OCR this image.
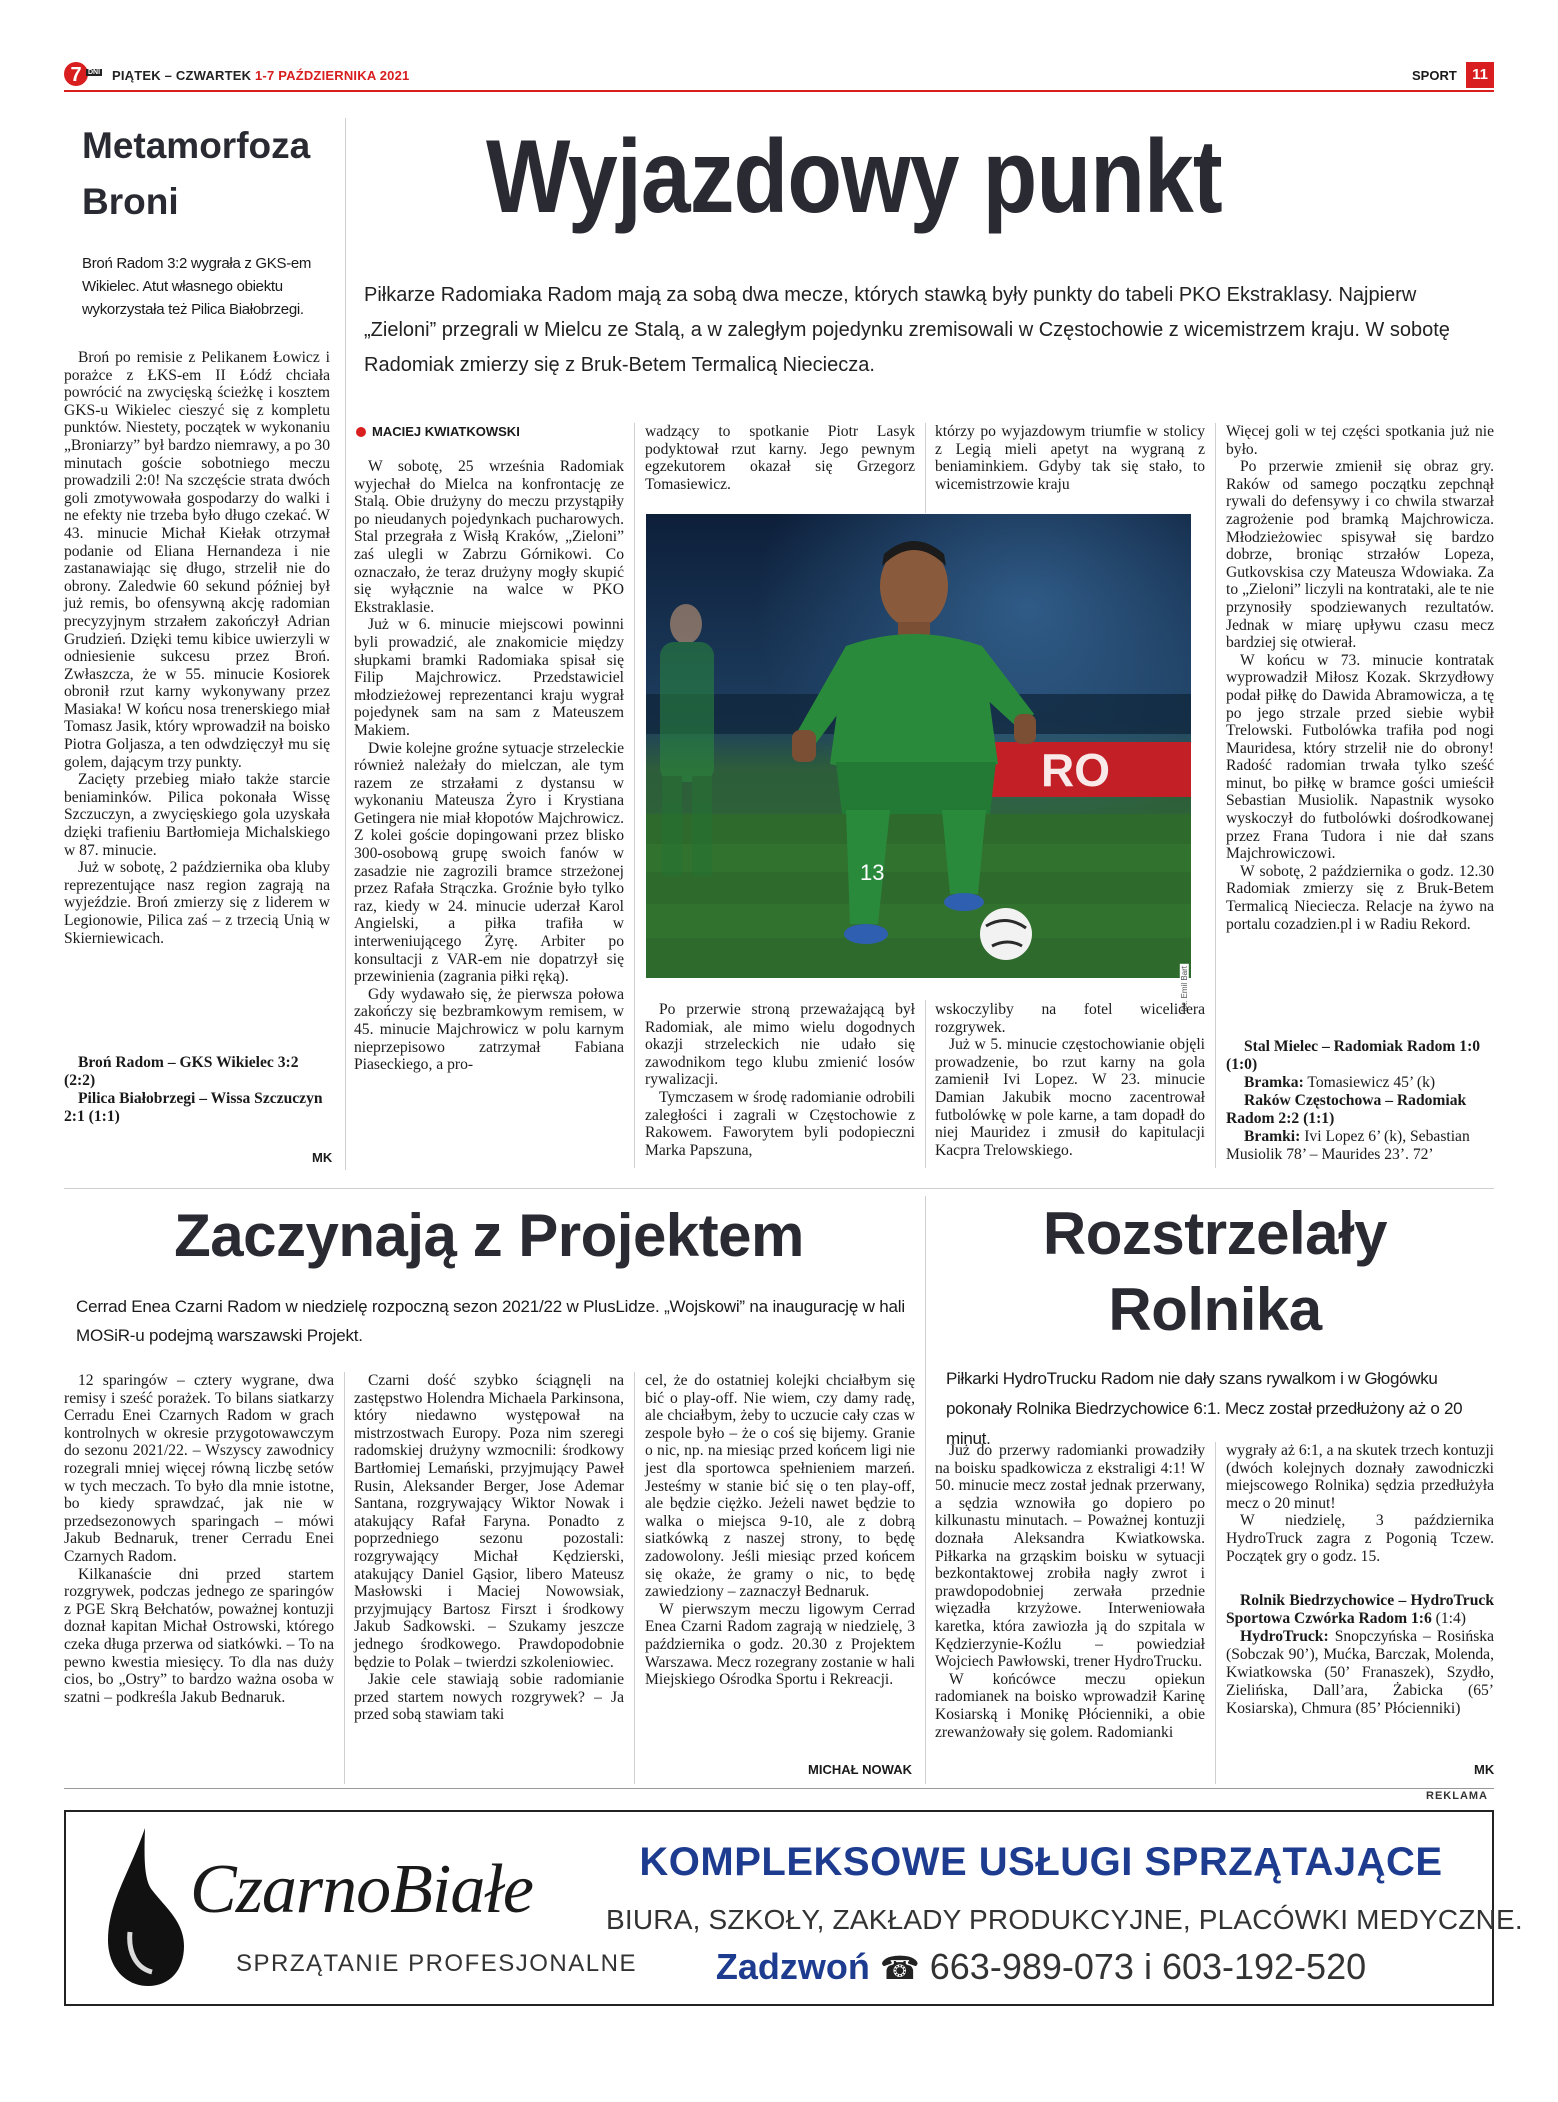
7 DNI PIĄTEK – CZWARTEK 1-7 PAŹDZIERNIKA 2021	SPORT	11
Metamorfoza
Broni
Broń Radom 3:2 wygrała z GKS-em Wikielec. Atut własnego obiektu wykorzystała też Pilica Białobrzegi.

Broń po remisie z Pelikanem Łowicz i porażce z ŁKS-em II Łódź chciała powrócić na zwycięską ścieżkę i kosztem GKS-u Wikielec cieszyć się z kompletu punktów. Niestety, początek w wykonaniu „Broniarzy” był bardzo niemrawy, a po 30 minutach goście sobotniego meczu prowadzili 2:0! Na szczęście strata dwóch goli zmotywowała gospodarzy do walki i ne efekty nie trzeba było długo czekać. W 43. minucie Michał Kiełak otrzymał podanie od Eliana Hernandeza i nie zastanawiając się długo, strzelił nie do obrony. Zaledwie 60 sekund później był już remis, bo ofensywną akcję radomian precyzyjnym strzałem zakończył Adrian Grudzień. Dzięki temu kibice uwierzyli w odniesienie sukcesu przez Broń. Zwłaszcza, że w 55. minucie Kosiorek obronił rzut karny wykonywany przez Masiaka! W końcu nosa trenerskiego miał Tomasz Jasik, który wprowadził na boisko Piotra Goljasza, a ten odwdzięczył mu się golem, dającym trzy punkty.

Zacięty przebieg miało także starcie beniaminków. Pilica pokonała Wissę Szczuczyn, a zwycięskiego gola uzyskała dzięki trafieniu Bartłomieja Michalskiego w 87. minucie.

Już w sobotę, 2 października oba kluby reprezentujące nasz region zagrają na wyjeździe. Broń zmierzy się z liderem w Legionowie, Pilica zaś – z trzecią Unią w Skierniewicach.

Broń Radom – GKS Wikielec 3:2 (2:2)
Pilica Białobrzegi – Wissa Szczuczyn 2:1 (1:1)
MK
Wyjazdowy punkt
Piłkarze Radomiaka Radom mają za sobą dwa mecze, których stawką były punkty do tabeli PKO Ekstraklasy. Najpierw „Zieloni” przegrali w Mielcu ze Stalą, a w zaległym pojedynku zremisowali w Częstochowie z wicemistrzem kraju. W sobotę Radomiak zmierzy się z Bruk-Betem Termalicą Nieciecza.
MACIEJ KWIATKOWSKI

W sobotę, 25 września Radomiak wyjechał do Mielca na konfrontację ze Stalą. Obie drużyny do meczu przystąpiły po nieudanych pojedynkach pucharowych. Stal przegrała z Wisłą Kraków, „Zieloni” zaś ulegli w Zabrzu Górnikowi. Co oznaczało, że teraz drużyny mogły skupić się wyłącznie na walce w PKO Ekstraklasie.

Już w 6. minucie miejscowi powinni byli prowadzić, ale znakomicie między słupkami bramki Radomiaka spisał się Filip Majchrowicz. Przedstawiciel młodzieżowej reprezentanci kraju wygrał pojedynek sam na sam z Mateuszem Makiem.

Dwie kolejne groźne sytuacje strzeleckie również należały do mielczan, ale tym razem ze strzałami z dystansu w wykonaniu Mateusza Żyro i Krystiana Getingera nie miał kłopotów Majchrowicz. Z kolei goście dopingowani przez blisko 300-osobową grupę swoich fanów w zasadzie nie zagrozili bramce strzeżonej przez Rafała Strączka. Groźnie było tylko raz, kiedy w 24. minucie uderzał Karol Angielski, a piłka trafiła w interweniującego Żyrę. Arbiter po konsultacji z VAR-em nie dopatrzył się przewinienia (zagrania piłki ręką).

Gdy wydawało się, że pierwsza połowa zakończy się bezbramkowym remisem, w 45. minucie Majchrowicz w polu karnym nieprzepisowo zatrzymał Fabiana Piaseckiego, a pro-

wadzący to spotkanie Piotr Lasyk podyktował rzut karny. Jego pewnym egzekutorem okazał się Grzegorz Tomasiewicz.

którzy po wyjazdowym triumfie w stolicy z Legią mieli apetyt na wygraną z beniaminkiem. Gdyby tak się stało, to wicemistrzowie kraju

RO
13
fot. Emil Bart

Po przerwie stroną przeważającą był Radomiak, ale mimo wielu dogodnych okazji strzeleckich nie udało się zawodnikom tego klubu zmienić losów rywalizacji.

Tymczasem w środę radomianie odrobili zaległości i zagrali w Częstochowie z Rakowem. Faworytem byli podopieczni Marka Papszuna,

wskoczyliby na fotel wicelidera rozgrywek.

Już w 5. minucie częstochowianie objęli prowadzenie, bo rzut karny na gola zamienił Ivi Lopez. W 23. minucie Damian Jakubik mocno zacentrował futbolówkę w pole karne, a tam dopadł do niej Mauridez i zmusił do kapitulacji Kacpra Trelowskiego.

Więcej goli w tej części spotkania już nie było.

Po przerwie zmienił się obraz gry. Raków od samego początku zepchnął rywali do defensywy i co chwila stwarzał zagrożenie pod bramką Majchrowicza. Młodzieżowiec spisywał się bardzo dobrze, broniąc strzałów Lopeza, Gutkovskisa czy Mateusza Wdowiaka. Za to „Zieloni” liczyli na kontrataki, ale te nie przynosiły spodziewanych rezultatów. Jednak w miarę upływu czasu mecz bardziej się otwierał.

W końcu w 73. minucie kontratak wyprowadził Miłosz Kozak. Skrzydłowy podał piłkę do Dawida Abramowicza, a tę po jego strzale przed siebie wybił Trelowski. Futbolówka trafiła pod nogi Mauridesa, który strzelił nie do obrony! Radość radomian trwała tylko sześć minut, bo piłkę w bramce gości umieścił Sebastian Musiolik. Napastnik wysoko wyskoczył do futbolówki dośrodkowanej przez Frana Tudora i nie dał szans Majchrowiczowi.

W sobotę, 2 października o godz. 12.30 Radomiak zmierzy się z Bruk-Betem Termalicą Nieciecza. Relacje na żywo na portalu cozadzien.pl i w Radiu Rekord.

Stal Mielec – Radomiak Radom 1:0 (1:0)
Bramka: Tomasiewicz 45’ (k)
Raków Częstochowa – Radomiak Radom 2:2 (1:1)
Bramki: Ivi Lopez 6’ (k), Sebastian Musiolik 78’ – Maurides 23’. 72’
Zaczynają z Projektem
Cerrad Enea Czarni Radom w niedzielę rozpoczną sezon 2021/22 w PlusLidze. „Wojskowi” na inaugurację w hali MOSiR-u podejmą warszawski Projekt.

12 sparingów – cztery wygrane, dwa remisy i sześć porażek. To bilans siatkarzy Cerradu Enei Czarnych Radom w grach kontrolnych w okresie przygotowawczym do sezonu 2021/22. – Wszyscy zawodnicy rozegrali mniej więcej równą liczbę setów w tych meczach. To było dla mnie istotne, bo kiedy sprawdzać, jak nie w przedsezonowych sparingach – mówi Jakub Bednaruk, trener Cerradu Enei Czarnych Radom.

Kilkanaście dni przed startem rozgrywek, podczas jednego ze sparingów z PGE Skrą Bełchatów, poważnej kontuzji doznał kapitan Michał Ostrowski, którego czeka długa przerwa od siatkówki. – To na pewno kwestia miesięcy. To dla nas duży cios, bo „Ostry” to bardzo ważna osoba w szatni – podkreśla Jakub Bednaruk.

Czarni dość szybko ściągnęli na zastępstwo Holendra Michaela Parkinsona, który niedawno występował na mistrzostwach Europy. Poza nim szeregi radomskiej drużyny wzmocnili: środkowy Bartłomiej Lemański, przyjmujący Paweł Rusin, Aleksander Berger, Jose Ademar Santana, rozgrywający Wiktor Nowak i atakujący Rafał Faryna. Ponadto z poprzedniego sezonu pozostali: rozgrywający Michał Kędzierski, atakujący Daniel Gąsior, libero Mateusz Masłowski i Maciej Nowowsiak, przyjmujący Bartosz Firszt i środkowy Jakub Sadkowski. – Szukamy jeszcze jednego środkowego. Prawdopodobnie będzie to Polak – twierdzi szkoleniowiec.

Jakie cele stawiają sobie radomianie przed startem nowych rozgrywek? – Ja przed sobą stawiam taki

cel, że do ostatniej kolejki chciałbym się bić o play-off. Nie wiem, czy damy radę, ale chciałbym, żeby to uczucie cały czas w zespole było – że o coś się bijemy. Granie o nic, np. na miesiąc przed końcem ligi nie jest dla sportowca spełnieniem marzeń. Jesteśmy w stanie bić się o ten play-off, ale będzie ciężko. Jeżeli nawet będzie to walka o miejsca 9-10, ale z dobrą siatkówką z naszej strony, to będę zadowolony. Jeśli miesiąc przed końcem się okaże, że gramy o nic, to będę zawiedziony – zaznaczył Bednaruk.

W pierwszym meczu ligowym Cerrad Enea Czarni Radom zagrają w niedzielę, 3 października o godz. 20.30 z Projektem Warszawa. Mecz rozegrany zostanie w hali Miejskiego Ośrodka Sportu i Rekreacji.

MICHAŁ NOWAK
Rozstrzelały
Rolnika
Piłkarki HydroTrucku Radom nie dały szans rywalkom i w Głogówku pokonały Rolnika Biedrzychowice 6:1. Mecz został przedłużony aż o 20 minut.

Już do przerwy radomianki prowadziły na boisku spadkowicza z ekstraligi 4:1! W 50. minucie mecz został jednak przerwany, a sędzia wznowiła go dopiero po kilkunastu minutach. – Poważnej kontuzji doznała Aleksandra Kwiatkowska. Piłkarka na grząskim boisku w sytuacji bezkontaktowej zrobiła nagły zwrot i prawdopodobniej zerwała przednie więzadła krzyżowe. Interweniowała karetka, która zawiozła ją do szpitala w Kędzierzynie-Koźlu – powiedział Wojciech Pawłowski, trener HydroTrucku.

W końcówce meczu opiekun radomianek na boisko wprowadził Karinę Kosiarską i Monikę Płócienniki, a obie zrewanżowały się golem. Radomianki

wygrały aż 6:1, a na skutek trzech kontuzji (dwóch kolejnych doznały zawodniczki miejscowego Rolnika) sędzia przedłużyła mecz o 20 minut!

W niedzielę, 3 października HydroTruck zagra z Pogonią Tczew. Początek gry o godz. 15.

Rolnik Biedrzychowice – HydroTruck Sportowa Czwórka Radom 1:6 (1:4)
HydroTruck: Snopczyńska – Rosińska (Sobczak 90’), Mućka, Barczak, Molenda, Kwiatkowska (50’ Franaszek), Szydło, Zielińska, Dall’ara, Żabicka (65’ Kosiarska), Chmura (85’ Płócienniki)
MK
REKLAMA
CzarnoBiałe
SPRZĄTANIE PROFESJONALNE
KOMPLEKSOWE USŁUGI SPRZĄTAJĄCE
BIURA, SZKOŁY, ZAKŁADY PRODUKCYJNE, PLACÓWKI MEDYCZNE.
Zadzwoń ☎ 663-989-073 i 603-192-520
